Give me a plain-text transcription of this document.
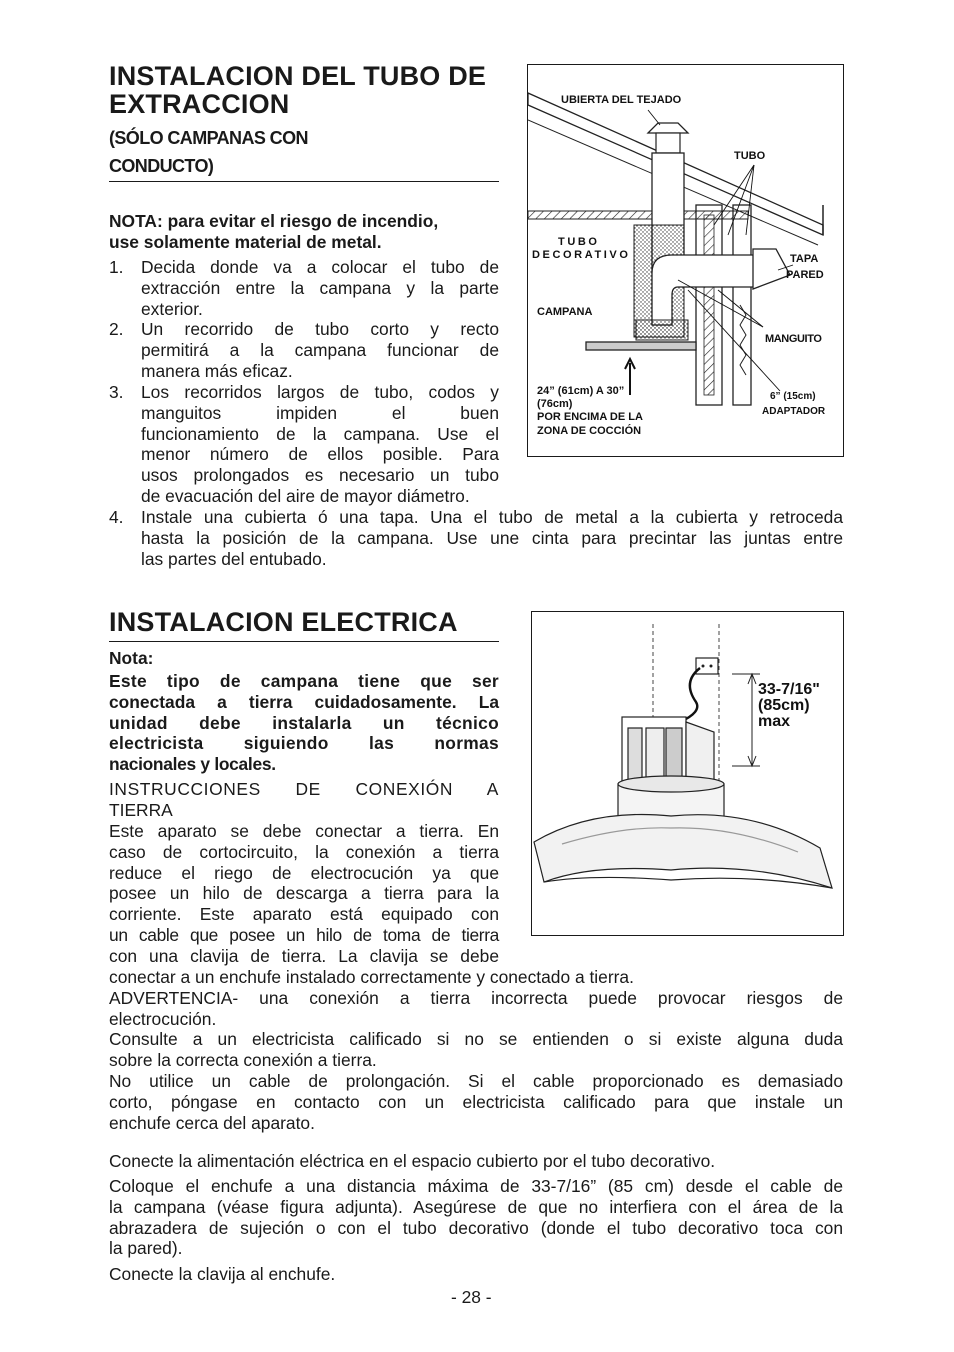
INSTALACION DEL TUBO DE
EXTRACCION
(SÓLO CAMPANAS CON
CONDUCTO)
NOTA: para evitar el riesgo de incendio,
use solamente material de metal.
1. Decida donde va a colocar el tubo de
extracción entre la campana y la parte
exterior.
2. Un recorrido de tubo corto y recto
permitirá a la campana funcionar de
manera más eficaz.
3. Los recorridos largos de tubo, codos y
manguitos impiden el buen
funcionamiento de la campana. Use el
menor número de ellos posible. Para
usos prolongados es necesario un tubo
de evacuación del aire de mayor diámetro.
4. Instale una cubierta ó una tapa. Una el tubo de metal a la cubierta y retroceda
hasta la posición de la campana. Use une cinta para precintar las juntas entre
las partes del entubado.
UBIERTA DEL TEJADO
TUBO
TUBO
DECORATIVO	TAPA
PARED
CAMPANA
MANGUITO
24” (61cm) A 30”
(76cm)
POR ENCIMA DE LA
ZONA DE COCCIÓN
6” (15cm)
ADAPTADOR
INSTALACION ELECTRICA
Nota:
Este tipo de campana tiene que ser
conectada a tierra cuidadosamente. La
unidad debe instalarla un técnico
electricista siguiendo las normas
nacionales y locales.
INSTRUCCIONES DE CONEXIÓN A
TIERRA
Este aparato se debe conectar a tierra. En
caso de cortocircuito, la conexión a tierra
reduce el riego de electrocución ya que
posee un hilo de descarga a tierra para la
corriente. Este aparato está equipado con
un cable que posee un hilo de toma de tierra
con una clavija de tierra. La clavija se debe
conectar a un enchufe instalado correctamente y conectado a tierra.
ADVERTENCIA- una conexión a tierra incorrecta puede provocar riesgos de
electrocución.
Consulte a un electricista calificado si no se entienden o si existe alguna duda
sobre la correcta conexión a tierra.
No utilice un cable de prolongación. Si el cable proporcionado es demasiado
corto, póngase en contacto con un electricista calificado para que instale un
enchufe cerca del aparato.
Conecte la alimentación eléctrica en el espacio cubierto por el tubo decorativo.
Coloque el enchufe a una distancia máxima de 33-7/16” (85 cm) desde el cable de
la campana (véase figura adjunta). Asegúrese de que no interfiera con el área de la
abrazadera de sujeción o con el tubo decorativo (donde el tubo decorativo toca con
la pared).
Conecte la clavija al enchufe.
33-7/16"
(85cm)
max
- 28 -
